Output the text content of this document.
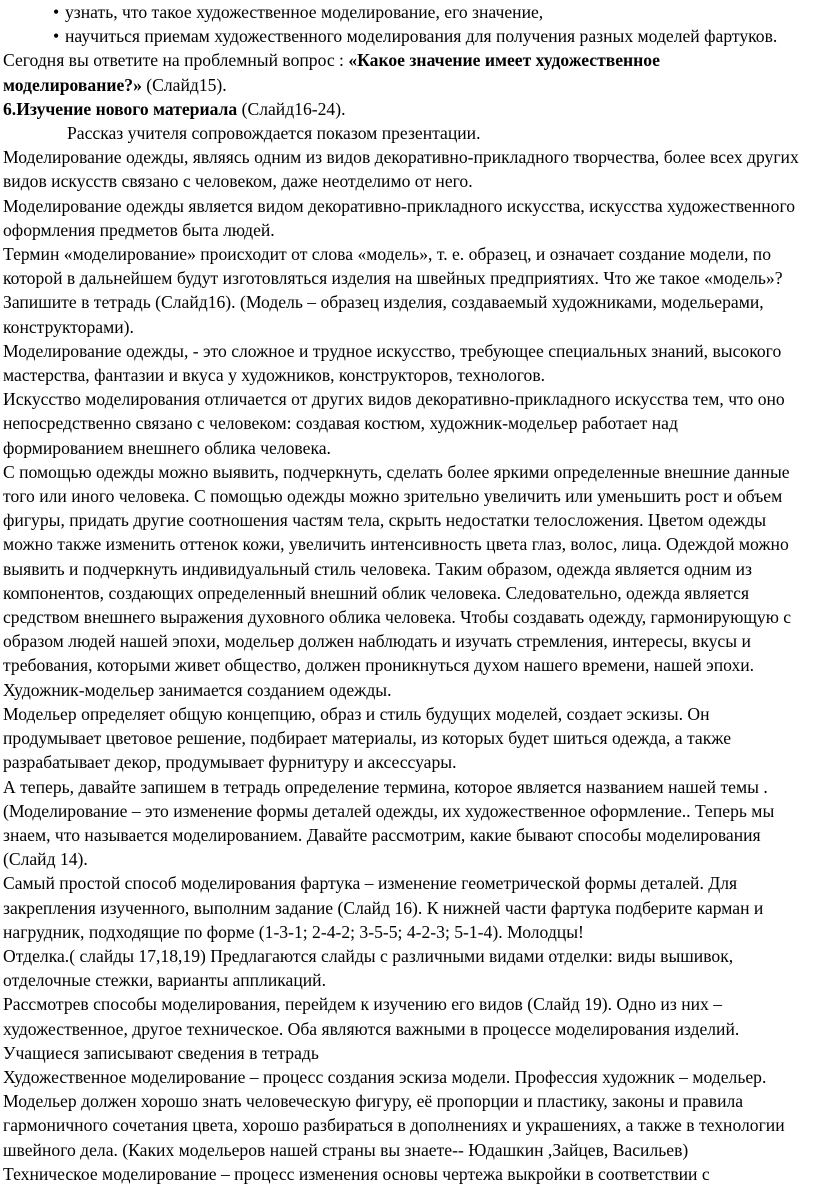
• узнать, что такое художественное моделирование, его значение,

• научиться приемам художественного моделирования для получения разных моделей фартуков.

Сегодня вы ответите на проблемный вопрос : «Какое значение имеет художественное моделирование?» (Слайд15).

6.Изучение нового материала (Слайд16-24).

Рассказ учителя сопровождается показом презентации.

Моделирование одежды, являясь одним из видов декоративно-прикладного творчества, более всех других видов искусств связано с человеком, даже неотделимо от него.

Моделирование одежды является видом декоративно-прикладного искусства, искусства художественного оформления предметов быта людей.

Термин «моделирование» происходит от слова «модель», т. е. образец, и означает создание модели, по которой в дальнейшем будут изготовляться изделия на швейных предприятиях. Что же такое «модель»? Запишите в тетрадь (Слайд16). (Модель – образец изделия, создаваемый художниками, модельерами, конструкторами).

Моделирование одежды, - это сложное и трудное искусство, требующее специальных знаний, высокого мастерства, фантазии и вкуса у художников, конструкторов, технологов.

Искусство моделирования отличается от других видов декоративно-прикладного искусства тем, что оно непосредственно связано с человеком: создавая костюм, художник-модельер работает над формированием внешнего облика человека.

С помощью одежды можно выявить, подчеркнуть, сделать более яркими определенные внешние данные того или иного человека. С помощью одежды можно зрительно увеличить или уменьшить рост и объем фигуры, придать другие соотношения частям тела, скрыть недостатки телосложения. Цветом одежды можно также изменить оттенок кожи, увеличить интенсивность цвета глаз, волос, лица. Одеждой можно выявить и подчеркнуть индивидуальный стиль человека. Таким образом, одежда является одним из компонентов, создающих определенный внешний облик человека. Следовательно, одежда является средством внешнего выражения духовного облика человека. Чтобы создавать одежду, гармонирующую с образом людей нашей эпохи, модельер должен наблюдать и изучать стремления, интересы, вкусы и требования, которыми живет общество, должен проникнуться духом нашего времени, нашей эпохи.

Художник-модельер занимается созданием одежды.

Модельер определяет общую концепцию, образ и стиль будущих моделей, создает эскизы. Он продумывает цветовое решение, подбирает материалы, из которых будет шиться одежда, а также разрабатывает декор, продумывает фурнитуру и аксессуары.

А теперь, давайте запишем в тетрадь определение термина, которое является названием нашей темы . (Моделирование – это изменение формы деталей одежды, их художественное оформление.. Теперь мы знаем, что называется моделированием. Давайте рассмотрим, какие бывают способы моделирования (Слайд 14).

Самый простой способ моделирования фартука – изменение геометрической формы деталей. Для закрепления изученного, выполним задание (Слайд 16). К нижней части фартука подберите карман и нагрудник, подходящие по форме (1-3-1; 2-4-2; 3-5-5; 4-2-3; 5-1-4). Молодцы!

Отделка.( слайды 17,18,19) Предлагаются слайды с различными видами отделки: виды вышивок, отделочные стежки, варианты аппликаций.

Рассмотрев способы моделирования, перейдем к изучению его видов (Слайд 19). Одно из них – художественное, другое техническое. Оба являются важными в процессе моделирования изделий. Учащиеся записывают сведения в тетрадь

Художественное моделирование – процесс создания эскиза модели. Профессия художник – модельер. Модельер должен хорошо знать человеческую фигуру, её пропорции и пластику, законы и правила гармоничного сочетания цвета, хорошо разбираться в дополнениях и украшениях, а также в технологии швейного дела. (Каких модельеров нашей страны вы знаете-- Юдашкин ,Зайцев, Васильев)

Техническое моделирование – процесс изменения основы чертежа выкройки в соответствии с
